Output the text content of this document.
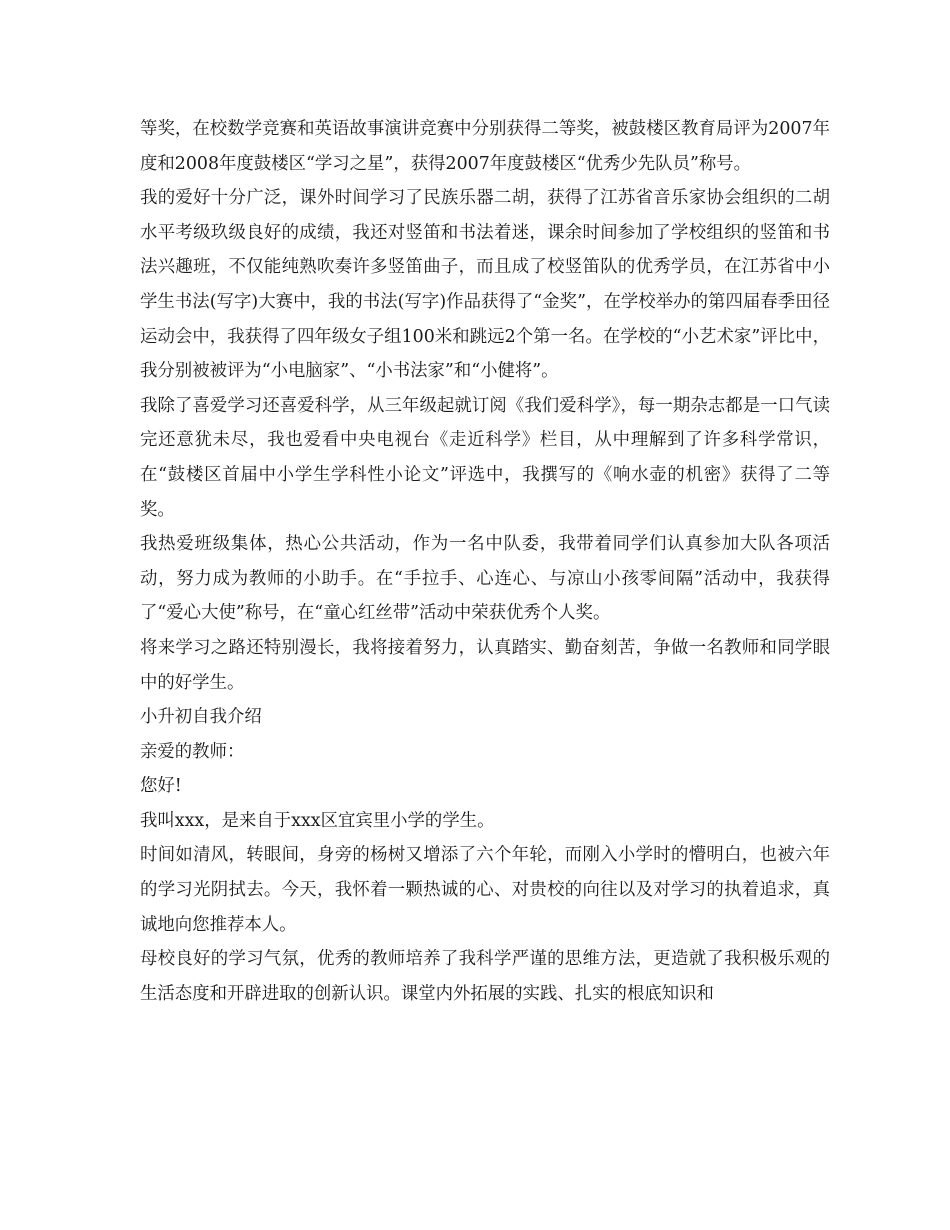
等奖，在校数学竞赛和英语故事演讲竞赛中分别获得二等奖，被鼓楼区教育局评为2007年度和2008年度鼓楼区“学习之星”，获得2007年度鼓楼区“优秀少先队员”称号。

我的爱好十分广泛，课外时间学习了民族乐器二胡，获得了江苏省音乐家协会组织的二胡水平考级玖级良好的成绩，我还对竖笛和书法着迷，课余时间参加了学校组织的竖笛和书法兴趣班，不仅能纯熟吹奏许多竖笛曲子，而且成了校竖笛队的优秀学员，在江苏省中小学生书法(写字)大赛中，我的书法(写字)作品获得了“金奖”，在学校举办的第四届春季田径运动会中，我获得了四年级女子组100米和跳远2个第一名。在学校的“小艺术家”评比中，我分别被被评为“小电脑家”、“小书法家”和“小健将”。

我除了喜爱学习还喜爱科学，从三年级起就订阅《我们爱科学》，每一期杂志都是一口气读完还意犹未尽，我也爱看中央电视台《走近科学》栏目，从中理解到了许多科学常识，在“鼓楼区首届中小学生学科性小论文”评选中，我撰写的《响水壶的机密》获得了二等奖。

我热爱班级集体，热心公共活动，作为一名中队委，我带着同学们认真参加大队各项活动，努力成为教师的小助手。在“手拉手、心连心、与凉山小孩零间隔”活动中，我获得了“爱心大使”称号，在“童心红丝带”活动中荣获优秀个人奖。

将来学习之路还特别漫长，我将接着努力，认真踏实、勤奋刻苦，争做一名教师和同学眼中的好学生。

小升初自我介绍

亲爱的教师：

您好!

我叫xxx，是来自于xxx区宜宾里小学的学生。

时间如清风，转眼间，身旁的杨树又增添了六个年轮，而刚入小学时的懵明白，也被六年的学习光阴拭去。今天，我怀着一颗热诚的心、对贵校的向往以及对学习的执着追求，真诚地向您推荐本人。

母校良好的学习气氛，优秀的教师培养了我科学严谨的思维方法，更造就了我积极乐观的生活态度和开辟进取的创新认识。课堂内外拓展的实践、扎实的根底知识和
